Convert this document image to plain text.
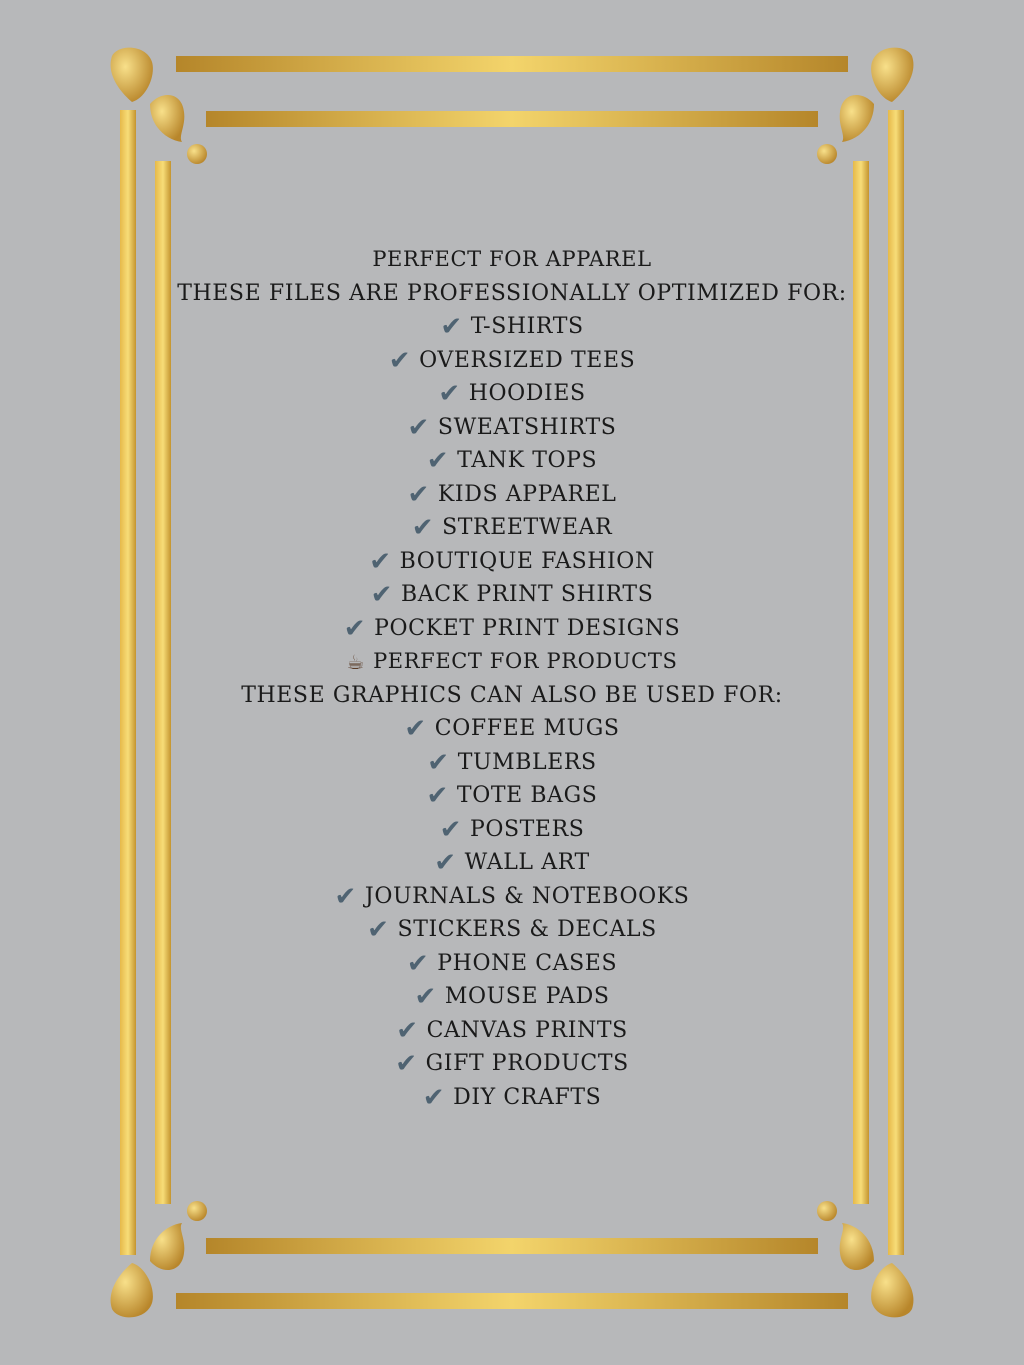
PERFECT FOR APPAREL
THESE FILES ARE PROFESSIONALLY OPTIMIZED FOR:
✔ T-SHIRTS
✔ OVERSIZED TEES
✔ HOODIES
✔ SWEATSHIRTS
✔ TANK TOPS
✔ KIDS APPAREL
✔ STREETWEAR
✔ BOUTIQUE FASHION
✔ BACK PRINT SHIRTS
✔ POCKET PRINT DESIGNS
☕ PERFECT FOR PRODUCTS
THESE GRAPHICS CAN ALSO BE USED FOR:
✔ COFFEE MUGS
✔ TUMBLERS
✔ TOTE BAGS
✔ POSTERS
✔ WALL ART
✔ JOURNALS & NOTEBOOKS
✔ STICKERS & DECALS
✔ PHONE CASES
✔ MOUSE PADS
✔ CANVAS PRINTS
✔ GIFT PRODUCTS
✔ DIY CRAFTS
